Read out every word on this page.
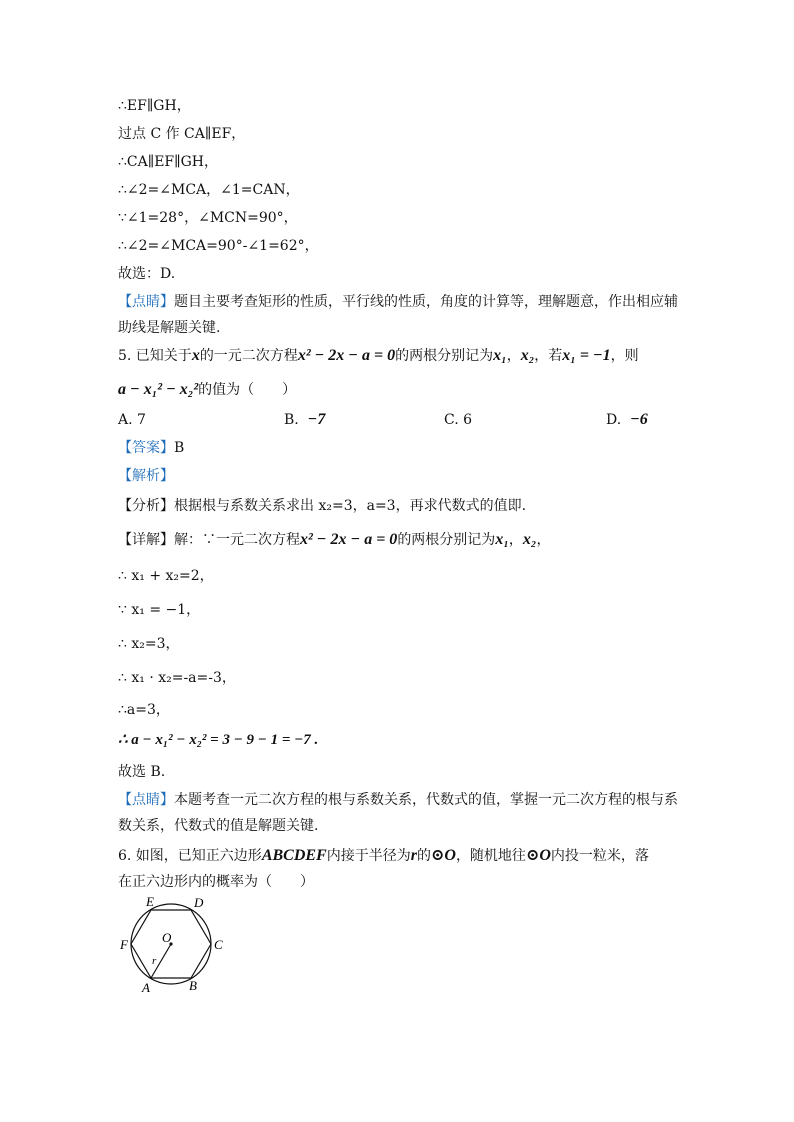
∴EF∥GH，
过点 C 作 CA∥EF，
∴CA∥EF∥GH，
∴∠2=∠MCA，∠1=CAN，
∵∠1=28°，∠MCN=90°，
∴∠2=∠MCA=90°-∠1=62°，
故选：D.
【点睛】题目主要考查矩形的性质，平行线的性质，角度的计算等，理解题意，作出相应辅
助线是解题关键.
5. 已知关于x的一元二次方程x² − 2x − a = 0的两根分别记为x₁，x₂，若x₁ = −1，则
a − x₁² − x₂²的值为（　　）
A. 7	B. −7	C. 6	D. −6
【答案】B
【解析】
【分析】根据根与系数关系求出 x₂=3，a=3，再求代数式的值即.
【详解】解：∵一元二次方程x² − 2x − a = 0的两根分别记为x₁，x₂，
∴ x₁ + x₂=2，
∵ x₁ = −1，
∴ x₂=3，
∴ x₁ · x₂=-a=-3，
∴a=3，
∴ a − x₁² − x₂² = 3 − 9 − 1 = −7 .
故选 B.
【点睛】本题考查一元二次方程的根与系数关系，代数式的值，掌握一元二次方程的根与系
数关系，代数式的值是解题关键.
6. 如图，已知正六边形ABCDEF内接于半径为r的⊙O，随机地往⊙O内投一粒米，落
在正六边形内的概率为（　　）
E	D
F	C
O
r
A	B
